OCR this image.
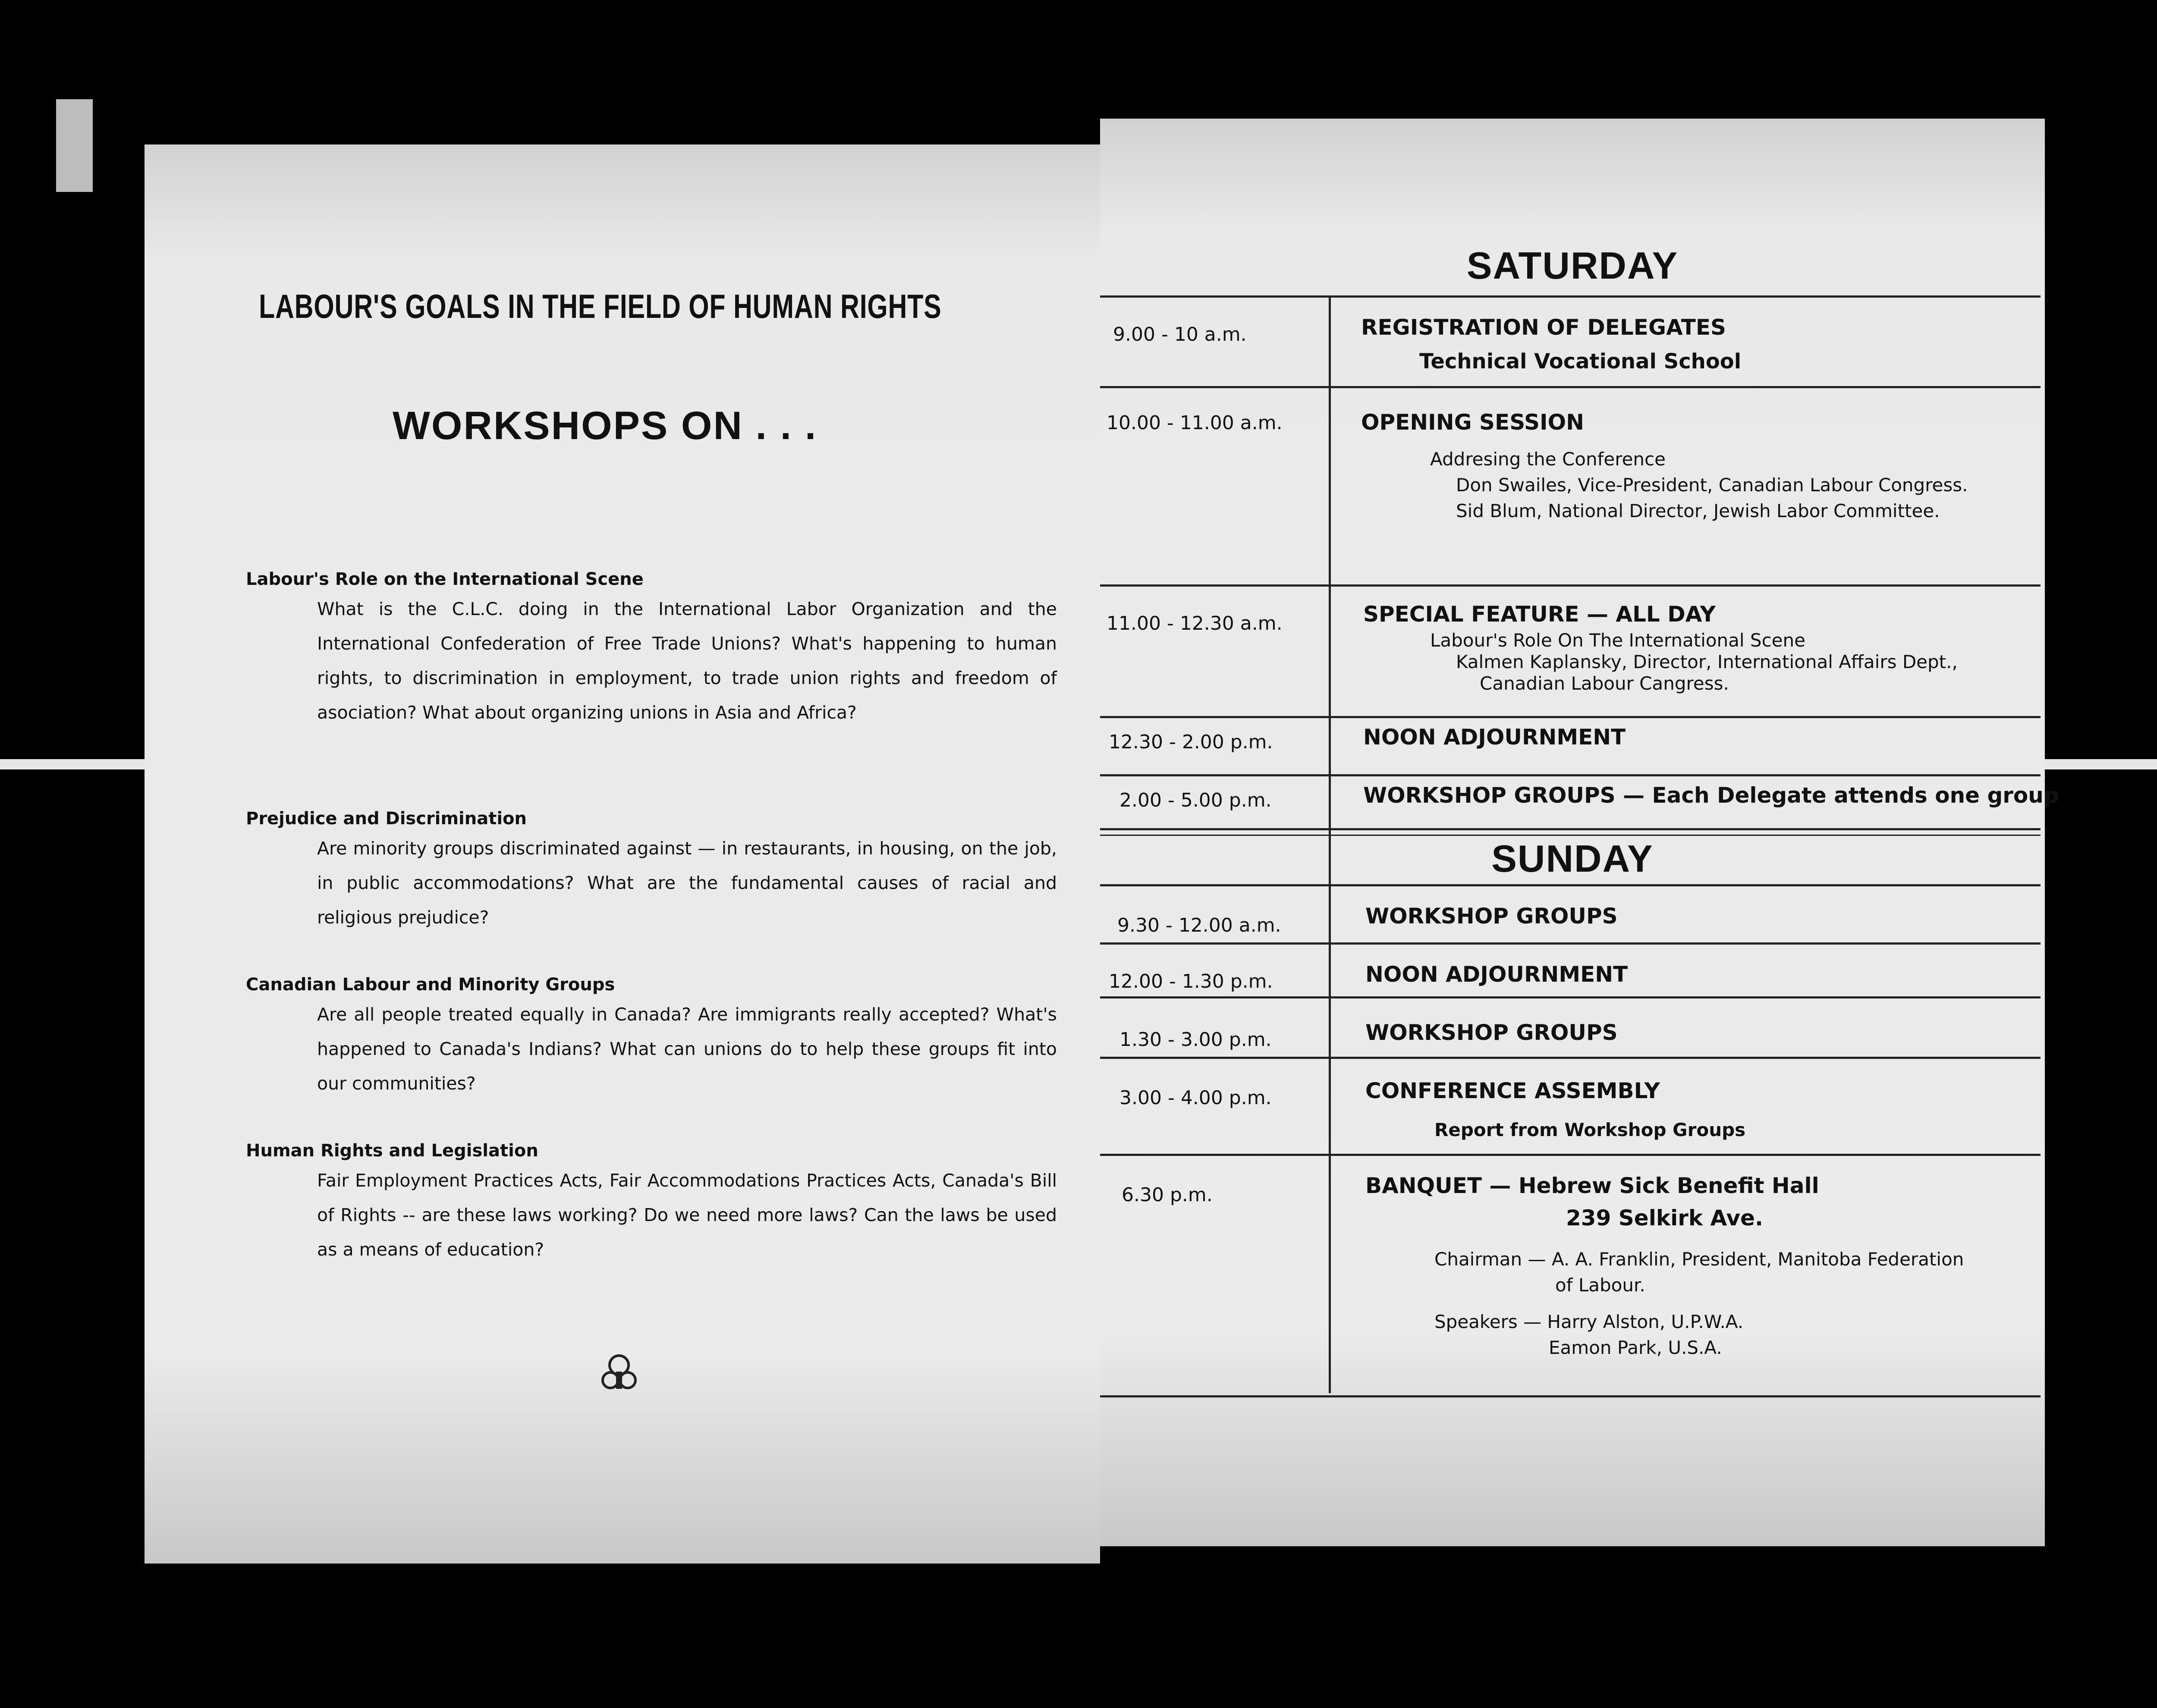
LABOUR'S GOALS IN THE FIELD OF HUMAN RIGHTS
WORKSHOPS ON . . .
Labour's Role on the International Scene
What is the C.L.C. doing in the International Labor Organization and the International Confederation of Free Trade Unions? What's happening to human rights, to discrimination in employment, to trade union rights and freedom of asociation? What about organizing unions in Asia and Africa?
Prejudice and Discrimination
Are minority groups discriminated against — in restaurants, in housing, on the job, in public accommodations? What are the fundamental causes of racial and religious prejudice?
Canadian Labour and Minority Groups
Are all people treated equally in Canada? Are immigrants really accepted? What's happened to Canada's Indians? What can unions do to help these groups fit into our communities?
Human Rights and Legislation
Fair Employment Practices Acts, Fair Accommodations Practices Acts, Canada's Bill of Rights -- are these laws working? Do we need more laws? Can the laws be used as a means of education?
SATURDAY
9.00 - 10 a.m.	REGISTRATION OF DELEGATES
Technical Vocational School
10.00 - 11.00 a.m.	OPENING SESSION
Addresing the Conference
Don Swailes, Vice-President, Canadian Labour Congress.
Sid Blum, National Director, Jewish Labor Committee.
11.00 - 12.30 a.m.	SPECIAL FEATURE — ALL DAY
Labour's Role On The International Scene
Kalmen Kaplansky, Director, International Affairs Dept.,
Canadian Labour Cangress.
12.30 - 2.00 p.m.	NOON ADJOURNMENT
2.00 - 5.00 p.m.	WORKSHOP GROUPS — Each Delegate attends one group
SUNDAY
9.30 - 12.00 a.m.	WORKSHOP GROUPS
12.00 - 1.30 p.m.	NOON ADJOURNMENT
1.30 - 3.00 p.m.	WORKSHOP GROUPS
3.00 - 4.00 p.m.	CONFERENCE ASSEMBLY
Report from Workshop Groups
6.30 p.m.	BANQUET — Hebrew Sick Benefit Hall
239 Selkirk Ave.
Chairman — A. A. Franklin, President, Manitoba Federation
of Labour.
Speakers — Harry Alston, U.P.W.A.
Eamon Park, U.S.A.
